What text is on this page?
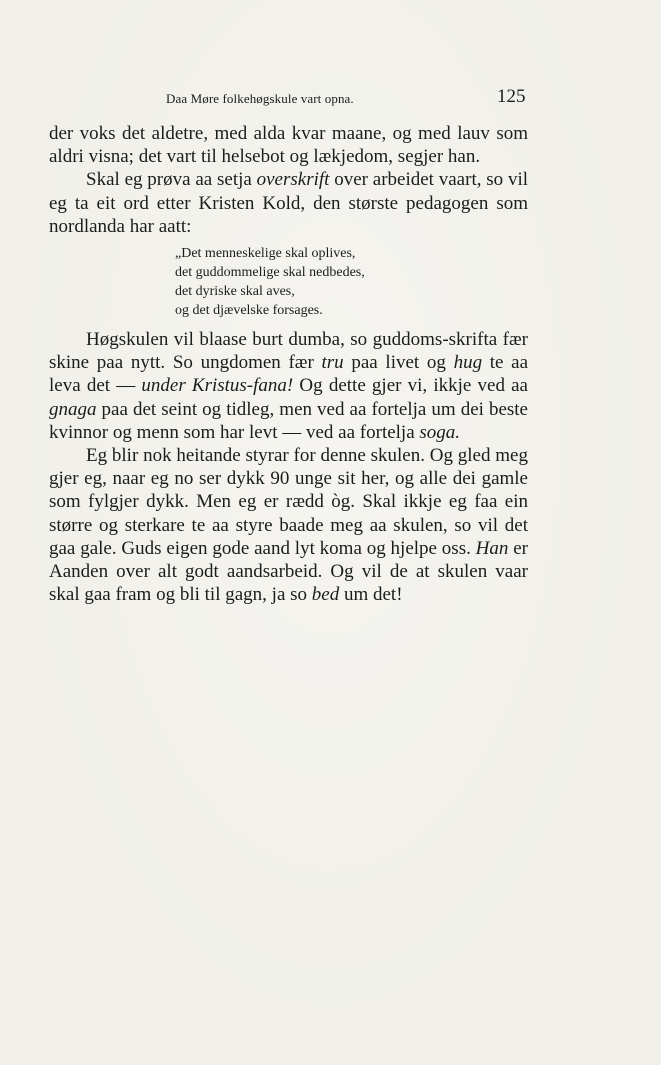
Daa Møre folkehøgskule vart opna.	125

der voks det aldetre, med alda kvar maane, og med lauv som aldri visna; det vart til helsebot og lækjedom, segjer han.

Skal eg prøva aa setja overskrift over arbeidet vaart, so vil eg ta eit ord etter Kristen Kold, den største pedagogen som nordlanda har aatt:

„Det menneskelige skal oplives,
det guddommelige skal nedbedes,
det dyriske skal aves,
og det djævelske forsages.

Høgskulen vil blaase burt dumba, so guddoms-skrifta fær skine paa nytt. So ungdomen fær tru paa livet og hug te aa leva det — under Kristus-fana! Og dette gjer vi, ikkje ved aa gnaga paa det seint og tidleg, men ved aa fortelja um dei beste kvinnor og menn som har levt — ved aa fortelja soga.

Eg blir nok heitande styrar for denne skulen. Og gled meg gjer eg, naar eg no ser dykk 90 unge sit her, og alle dei gamle som fylgjer dykk. Men eg er rædd òg. Skal ikkje eg faa ein større og sterkare te aa styre baade meg aa skulen, so vil det gaa gale. Guds eigen gode aand lyt koma og hjelpe oss. Han er Aanden over alt godt aandsarbeid. Og vil de at skulen vaar skal gaa fram og bli til gagn, ja so bed um det!
